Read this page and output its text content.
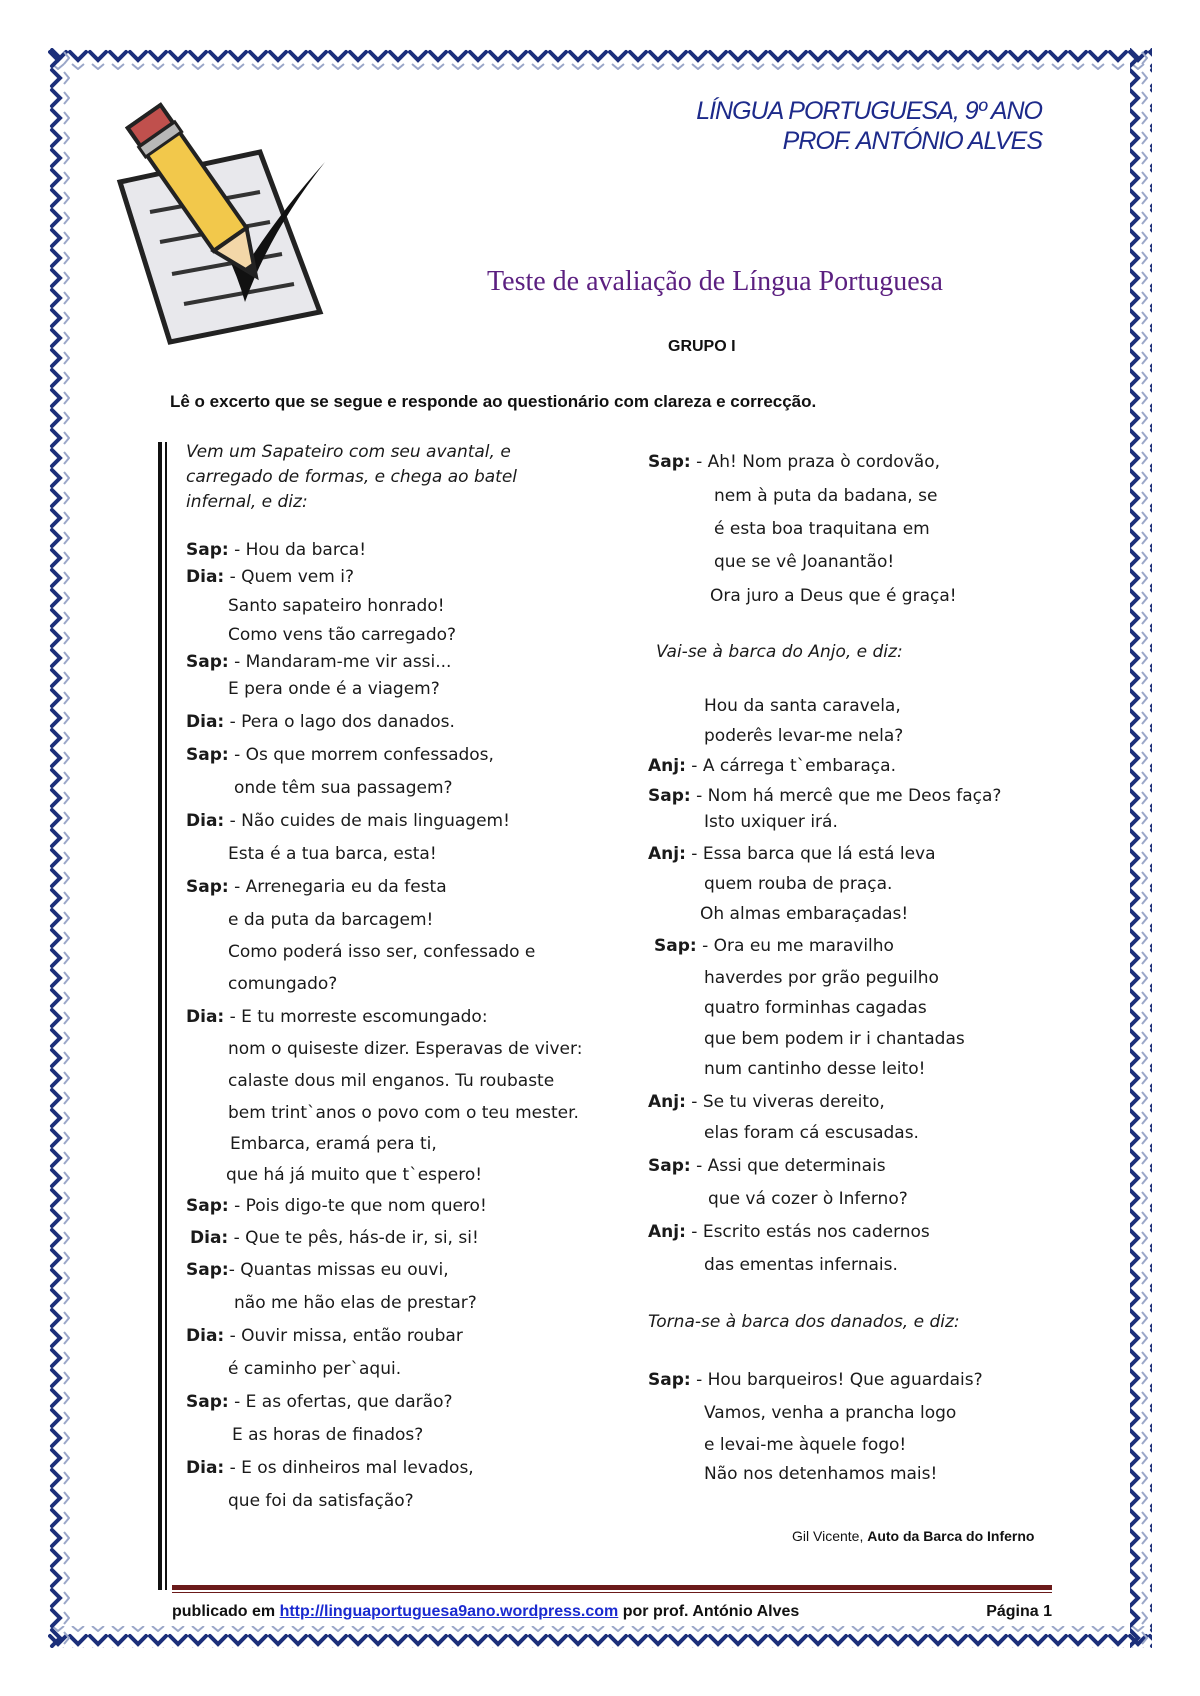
LÍNGUA PORTUGUESA, 9º ANO
PROF. ANTÓNIO ALVES
Teste de avaliação de Língua Portuguesa
GRUPO I
Lê o excerto que se segue e responde ao questionário com clareza e correcção.
Vem um Sapateiro com seu avantal, e carregado de formas, e chega ao batel infernal, e diz:
Sap: - Hou da barca!
Dia: - Quem vem i?
Santo sapateiro honrado!
Como vens tão carregado?
Sap: - Mandaram-me vir assi...
E pera onde é a viagem?
Dia: - Pera o lago dos danados.
Sap: - Os que morrem confessados,
onde têm sua passagem?
Dia: - Não cuides de mais linguagem!
Esta é a tua barca, esta!
Sap: - Arrenegaria eu da festa
e da puta da barcagem!
Como poderá isso ser, confessado e
comungado?
Dia: - E tu morreste escomungado:
nom o quiseste dizer. Esperavas de viver:
calaste dous mil enganos. Tu roubaste
bem trint`anos o povo com o teu mester.
Embarca, eramá pera ti,
que há já muito que t`espero!
Sap: - Pois digo-te que nom quero!
Dia: - Que te pês, hás-de ir, si, si!
Sap:- Quantas missas eu ouvi,
não me hão elas de prestar?
Dia: - Ouvir missa, então roubar
é caminho per`aqui.
Sap: - E as ofertas, que darão?
E as horas de finados?
Dia: - E os dinheiros mal levados,
que foi da satisfação?
Sap: - Ah! Nom praza ò cordovão,
nem à puta da badana, se
é esta boa traquitana em
que se vê Joanantão!
Ora juro a Deus que é graça!
Vai-se à barca do Anjo, e diz:
Hou da santa caravela,
poderês levar-me nela?
Anj: - A cárrega t`embaraça.
Sap: - Nom há mercê que me Deos faça?
Isto uxiquer irá.
Anj: - Essa barca que lá está leva
quem rouba de praça.
Oh almas embaraçadas!
Sap: - Ora eu me maravilho
haverdes por grão peguilho
quatro forminhas cagadas
que bem podem ir i chantadas
num cantinho desse leito!
Anj: - Se tu viveras dereito,
elas foram cá escusadas.
Sap: - Assi que determinais
que vá cozer ò Inferno?
Anj: - Escrito estás nos cadernos
das ementas infernais.
Torna-se à barca dos danados, e diz:
Sap: - Hou barqueiros! Que aguardais?
Vamos, venha a prancha logo
e levai-me àquele fogo!
Não nos detenhamos mais!
Gil Vicente, Auto da Barca do Inferno
publicado em http://linguaportuguesa9ano.wordpress.com por prof. António Alves	Página 1
